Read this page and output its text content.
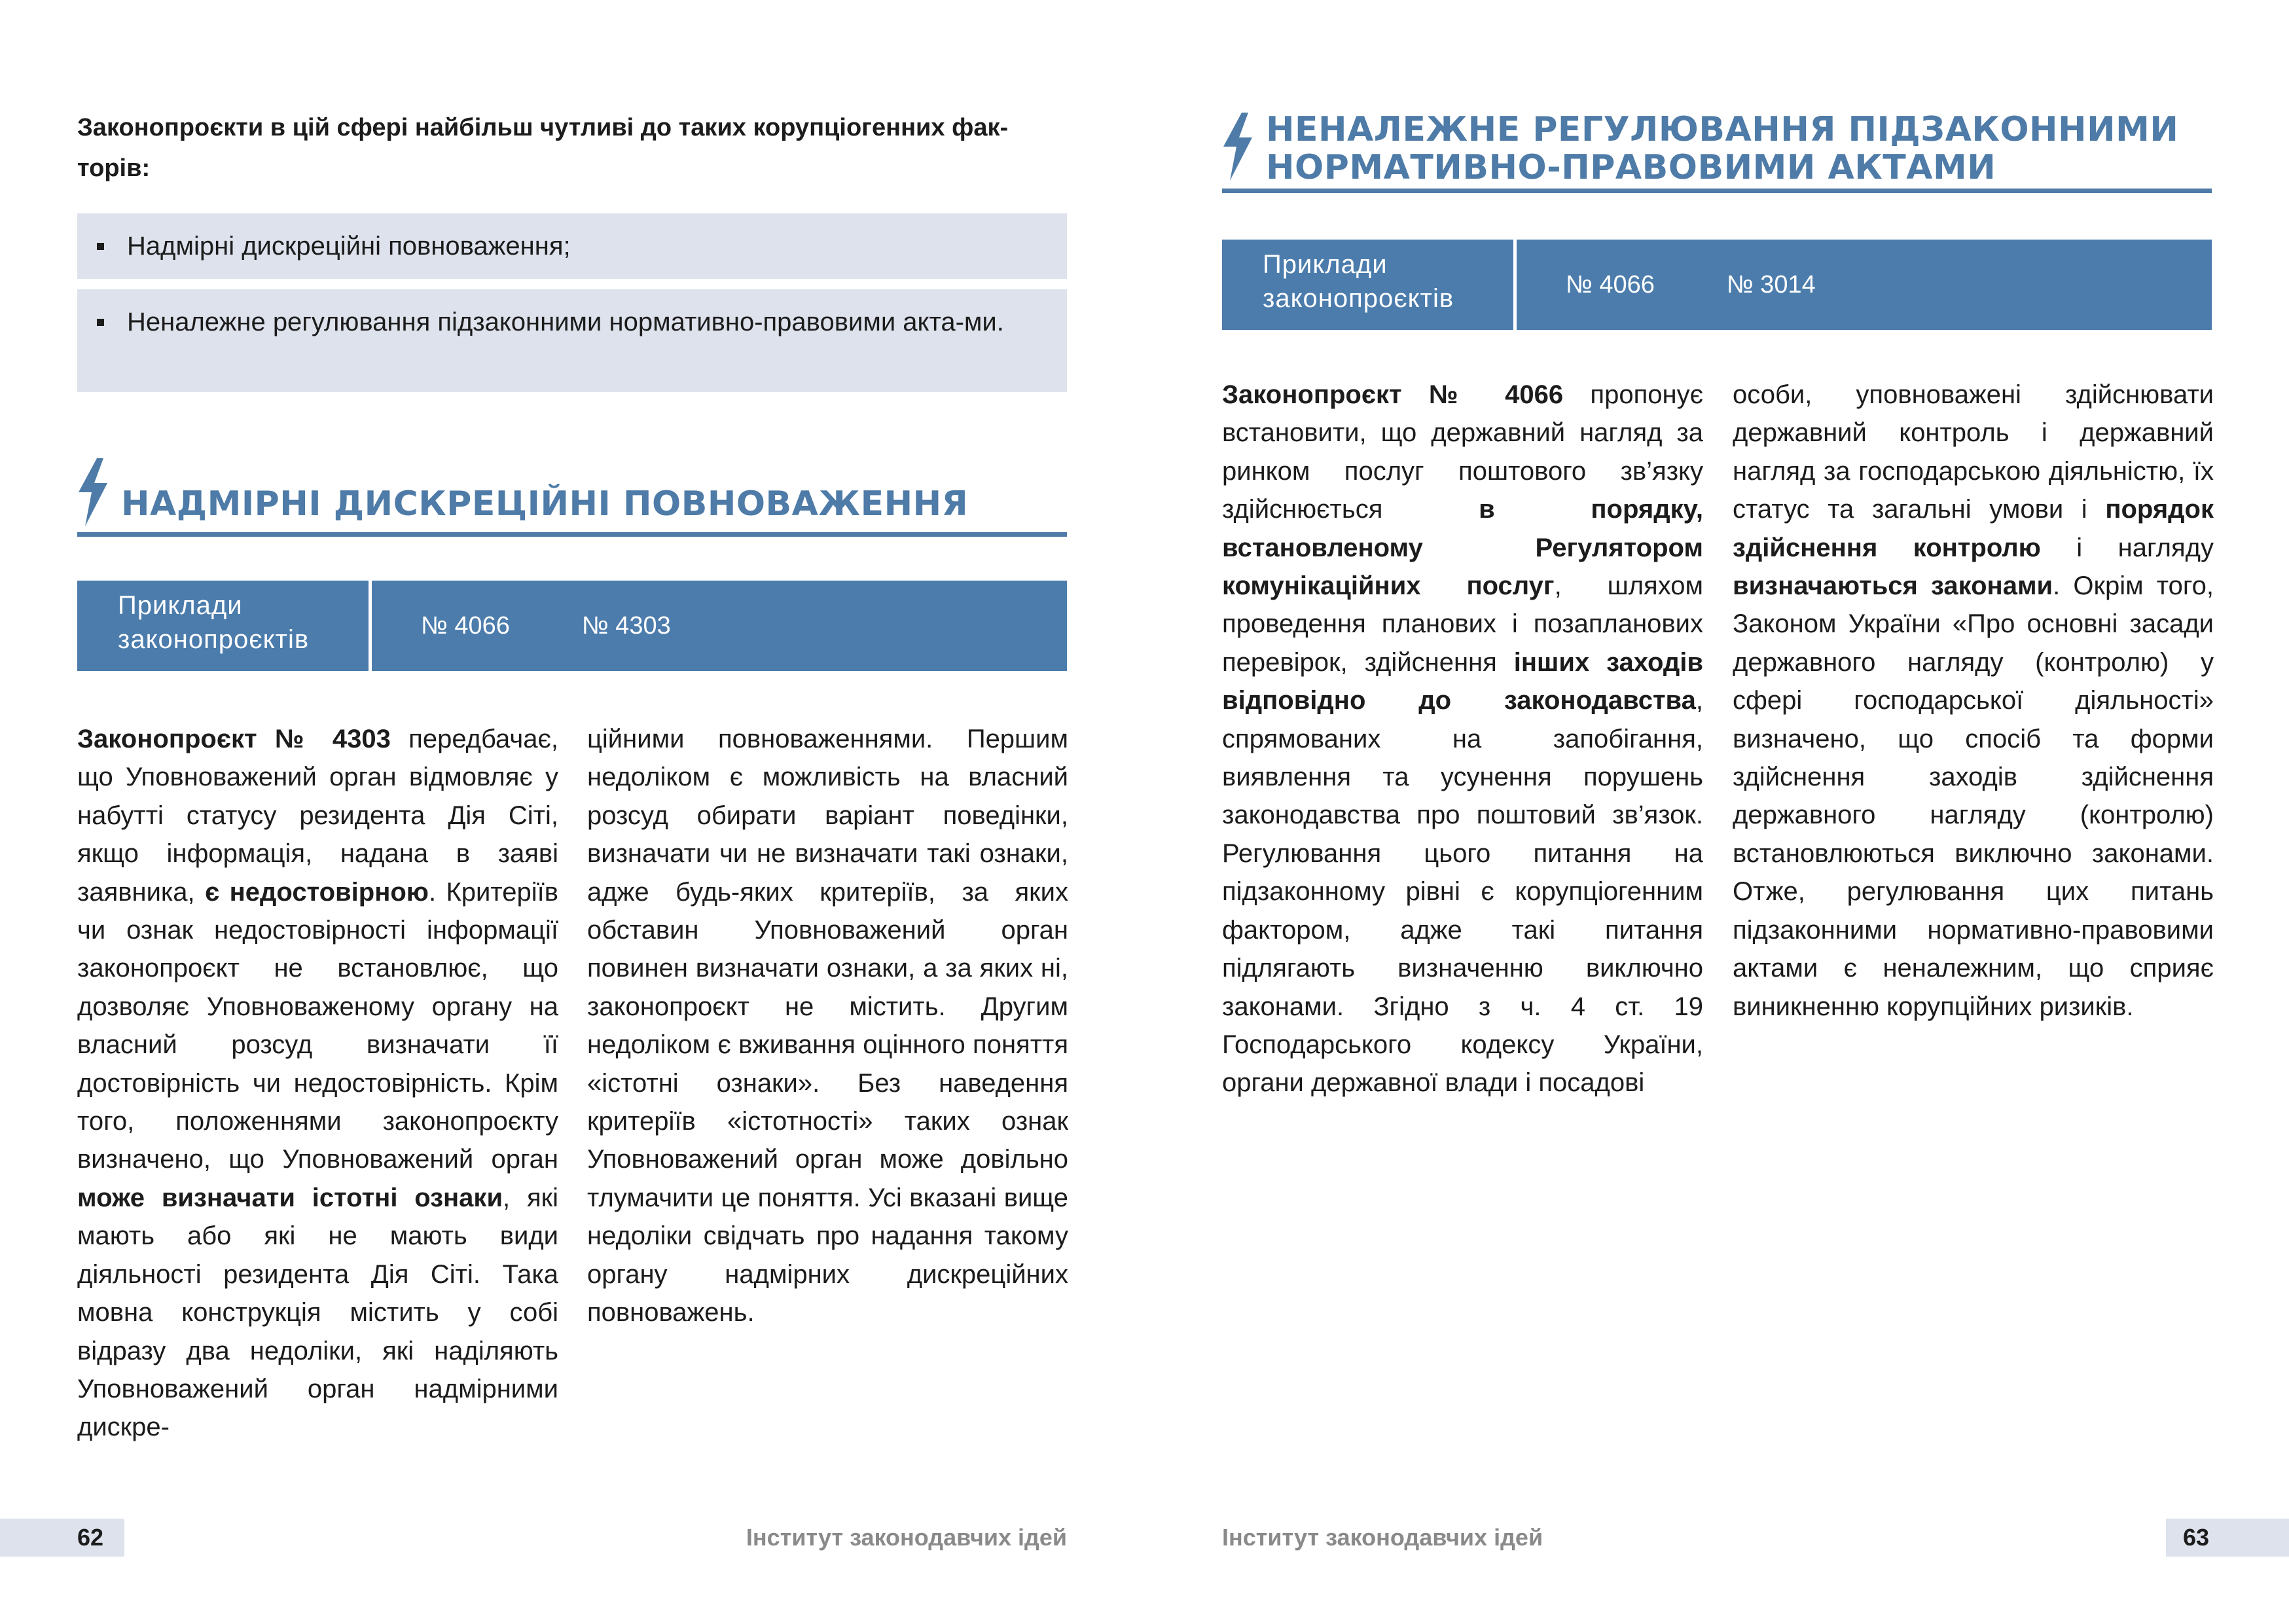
Законопроєкти в цій сфері найбільш чутливі до таких корупціогенних фак-торів:
Надмірні дискреційні повноваження;
Неналежне регулювання підзаконними нормативно-правовими акта-ми.
НАДМІРНІ ДИСКРЕЦІЙНІ ПОВНОВАЖЕННЯ
Приклади законопроєктів	№ 4066	№ 4303
Законопроєкт № 4303 передбачає, що Уповноважений орган відмовляє у набутті статусу резидента Дія Сіті, якщо інформація, надана в заяві заявника, є недостовірною. Критеріїв чи ознак недостовірності інформації законопроєкт не встановлює, що дозволяє Уповноваженому органу на власний розсуд визначати її достовірність чи недостовірність. Крім того, положеннями законопроєкту визначено, що Уповноважений орган може визначати істотні ознаки, які мають або які не мають види діяльності резидента Дія Сіті. Така мовна конструкція містить у собі відразу два недоліки, які наділяють Уповноважений орган надмірними дискре-
ційними повноваженнями. Першим недоліком є можливість на власний розсуд обирати варіант поведінки, визначати чи не визначати такі ознаки, адже будь-яких критеріїв, за яких обставин Уповноважений орган повинен визначати ознаки, а за яких ні, законопроєкт не містить. Другим недоліком є вживання оцінного поняття «істотні ознаки». Без наведення критеріїв «істотності» таких ознак Уповноважений орган може довільно тлумачити це поняття. Усі вказані вище недоліки свідчать про надання такому органу надмірних дискреційних повноважень.
62	Інститут законодавчих ідей
НЕНАЛЕЖНЕ РЕГУЛЮВАННЯ ПІДЗАКОННИМИ
НОРМАТИВНО-ПРАВОВИМИ АКТАМИ
Приклади законопроєктів	№ 4066	№ 3014
Законопроєкт № 4066 пропонує встановити, що державний нагляд за ринком послуг поштового зв’язку здійснюється в порядку, встановленому Регулятором комунікаційних послуг, шляхом проведення планових і позапланових перевірок, здійснення інших заходів відповідно до законодавства, спрямованих на запобігання, виявлення та усунення порушень законодавства про поштовий зв’язок. Регулювання цього питання на підзаконному рівні є корупціогенним фактором, адже такі питання підлягають визначенню виключно законами. Згідно з ч. 4 ст. 19 Господарського кодексу України, органи державної влади і посадові
особи, уповноважені здійснювати державний контроль і державний нагляд за господарською діяльністю, їх статус та загальні умови і порядок здійснення контролю і нагляду визначаються законами. Окрім того, Законом України «Про основні засади державного нагляду (контролю) у сфері господарської діяльності» визначено, що спосіб та форми здійснення заходів здійснення державного нагляду (контролю) встановлюються виключно законами. Отже, регулювання цих питань підзаконними нормативно-правовими актами є неналежним, що сприяє виникненню корупційних ризиків.
Інститут законодавчих ідей	63
